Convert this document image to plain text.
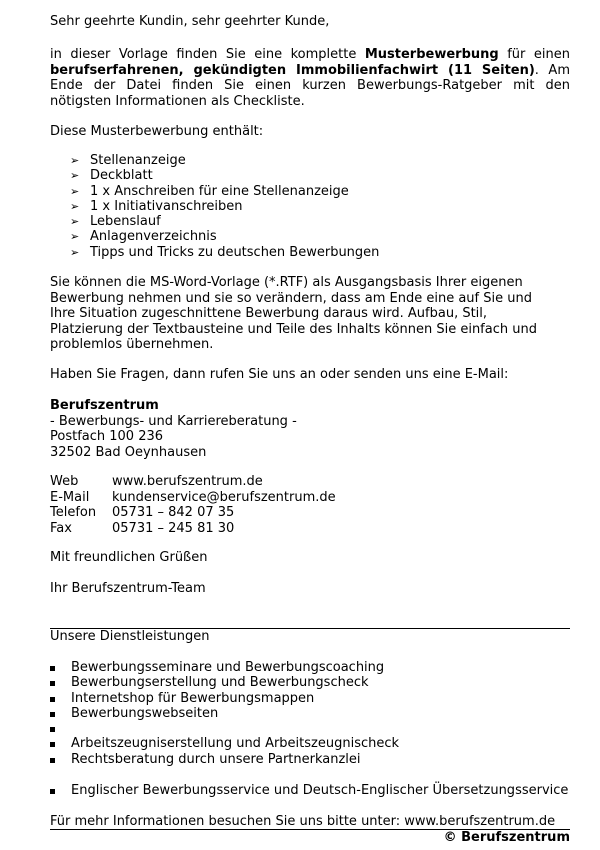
Sehr geehrte Kundin, sehr geehrter Kunde,

in dieser Vorlage finden Sie eine komplette Musterbewerbung für einen berufserfahrenen, gekündigten Immobilienfachwirt (11 Seiten). Am Ende der Datei finden Sie einen kurzen Bewerbungs-Ratgeber mit den nötigsten Informationen als Checkliste.

Diese Musterbewerbung enthält:

➢ Stellenanzeige
➢ Deckblatt
➢ 1 x Anschreiben für eine Stellenanzeige
➢ 1 x Initiativanschreiben
➢ Lebenslauf
➢ Anlagenverzeichnis
➢ Tipps und Tricks zu deutschen Bewerbungen

Sie können die MS-Word-Vorlage (*.RTF) als Ausgangsbasis Ihrer eigenen Bewerbung nehmen und sie so verändern, dass am Ende eine auf Sie und Ihre Situation zugeschnittene Bewerbung daraus wird. Aufbau, Stil, Platzierung der Textbausteine und Teile des Inhalts können Sie einfach und problemlos übernehmen.

Haben Sie Fragen, dann rufen Sie uns an oder senden uns eine E-Mail:

Berufszentrum

- Bewerbungs- und Karriereberatung -

Postfach 100 236

32502 Bad Oeynhausen

Web	www.berufszentrum.de
E-Mail kundenservice@berufszentrum.de
Telefon 05731 – 842 07 35
Fax	05731 – 245 81 30

Mit freundlichen Grüßen

Ihr Berufszentrum-Team

Unsere Dienstleistungen

Bewerbungsseminare und Bewerbungscoaching
Bewerbungserstellung und Bewerbungscheck
Internetshop für Bewerbungsmappen
Bewerbungswebseiten
Arbeitszeugniserstellung und Arbeitszeugnischeck
Rechtsberatung durch unsere Partnerkanzlei
Englischer Bewerbungsservice und Deutsch-Englischer Übersetzungsservice

Für mehr Informationen besuchen Sie uns bitte unter: www.berufszentrum.de

© Berufszentrum
